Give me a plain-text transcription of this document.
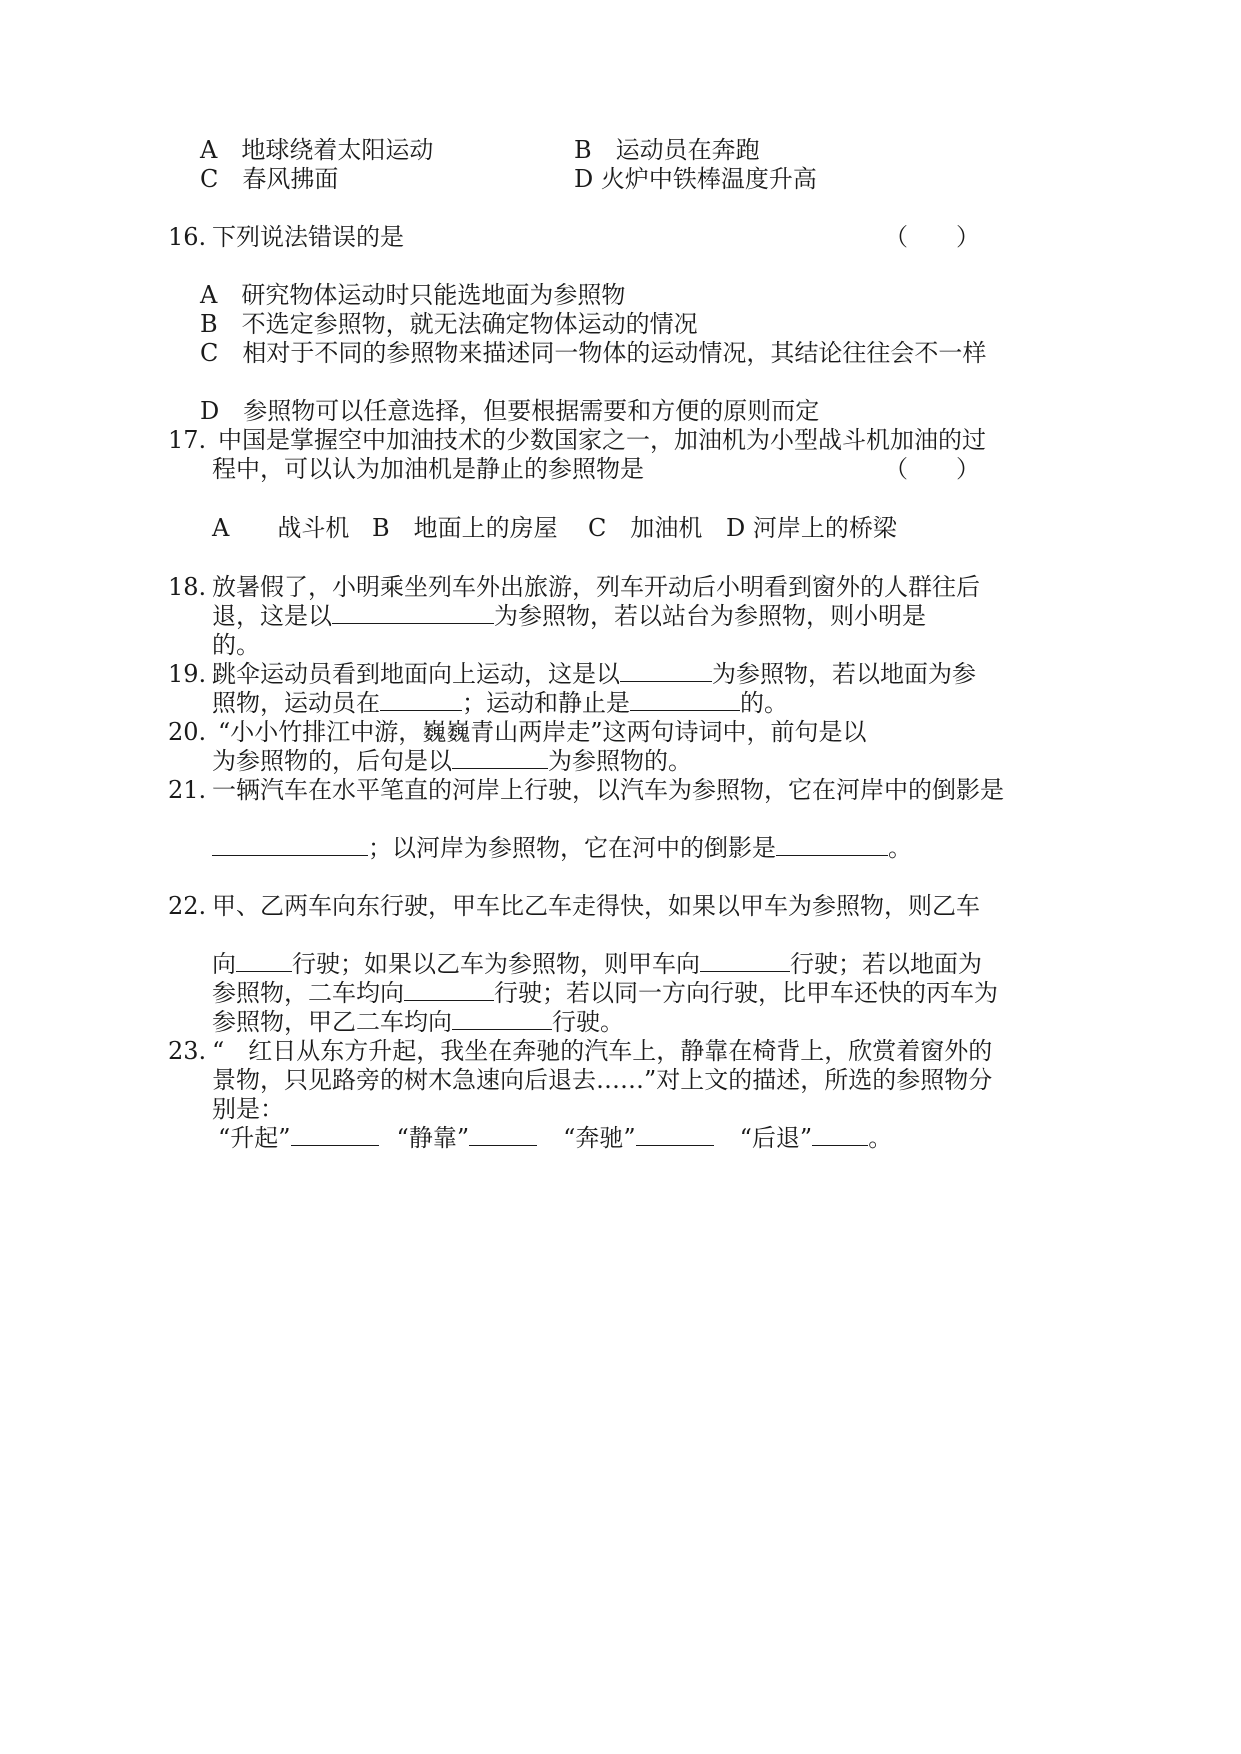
A　地球绕着太阳运动	B　运动员在奔跑
C　春风拂面	D 火炉中铁棒温度升高
16. 下列说法错误的是	（　　）
A　研究物体运动时只能选地面为参照物
B　不选定参照物，就无法确定物体运动的情况
C　相对于不同的参照物来描述同一物体的运动情况，其结论往往会不一样
D　参照物可以任意选择，但要根据需要和方便的原则而定
17. 中国是掌握空中加油技术的少数国家之一，加油机为小型战斗机加油的过
程中，可以认为加油机是静止的参照物是	（　　）
A　　战斗机 B　地面上的房屋 C　加油机 D 河岸上的桥梁
18. 放暑假了，小明乘坐列车外出旅游，列车开动后小明看到窗外的人群往后
退，这是以	为参照物，若以站台为参照物，则小明是
的。
19. 跳伞运动员看到地面向上运动，这是以	为参照物，若以地面为参
照物，运动员在	；运动和静止是	的。
20. “小小竹排江中游，巍巍青山两岸走”这两句诗词中，前句是以
为参照物的，后句是以	为参照物的。
21. 一辆汽车在水平笔直的河岸上行驶，以汽车为参照物，它在河岸中的倒影是
；以河岸为参照物，它在河中的倒影是	。
22. 甲、乙两车向东行驶，甲车比乙车走得快，如果以甲车为参照物，则乙车
向 行驶；如果以乙车为参照物，则甲车向	行驶；若以地面为
参照物，二车均向	行驶；若以同一方向行驶，比甲车还快的丙车为
参照物，甲乙二车均向	行驶。
23. “　红日从东方升起，我坐在奔驰的汽车上，静靠在椅背上，欣赏着窗外的
景物，只见路旁的树木急速向后退去……”对上文的描述，所选的参照物分
别是：
“升起”	“静靠”	“奔驰”	“后退” 。
